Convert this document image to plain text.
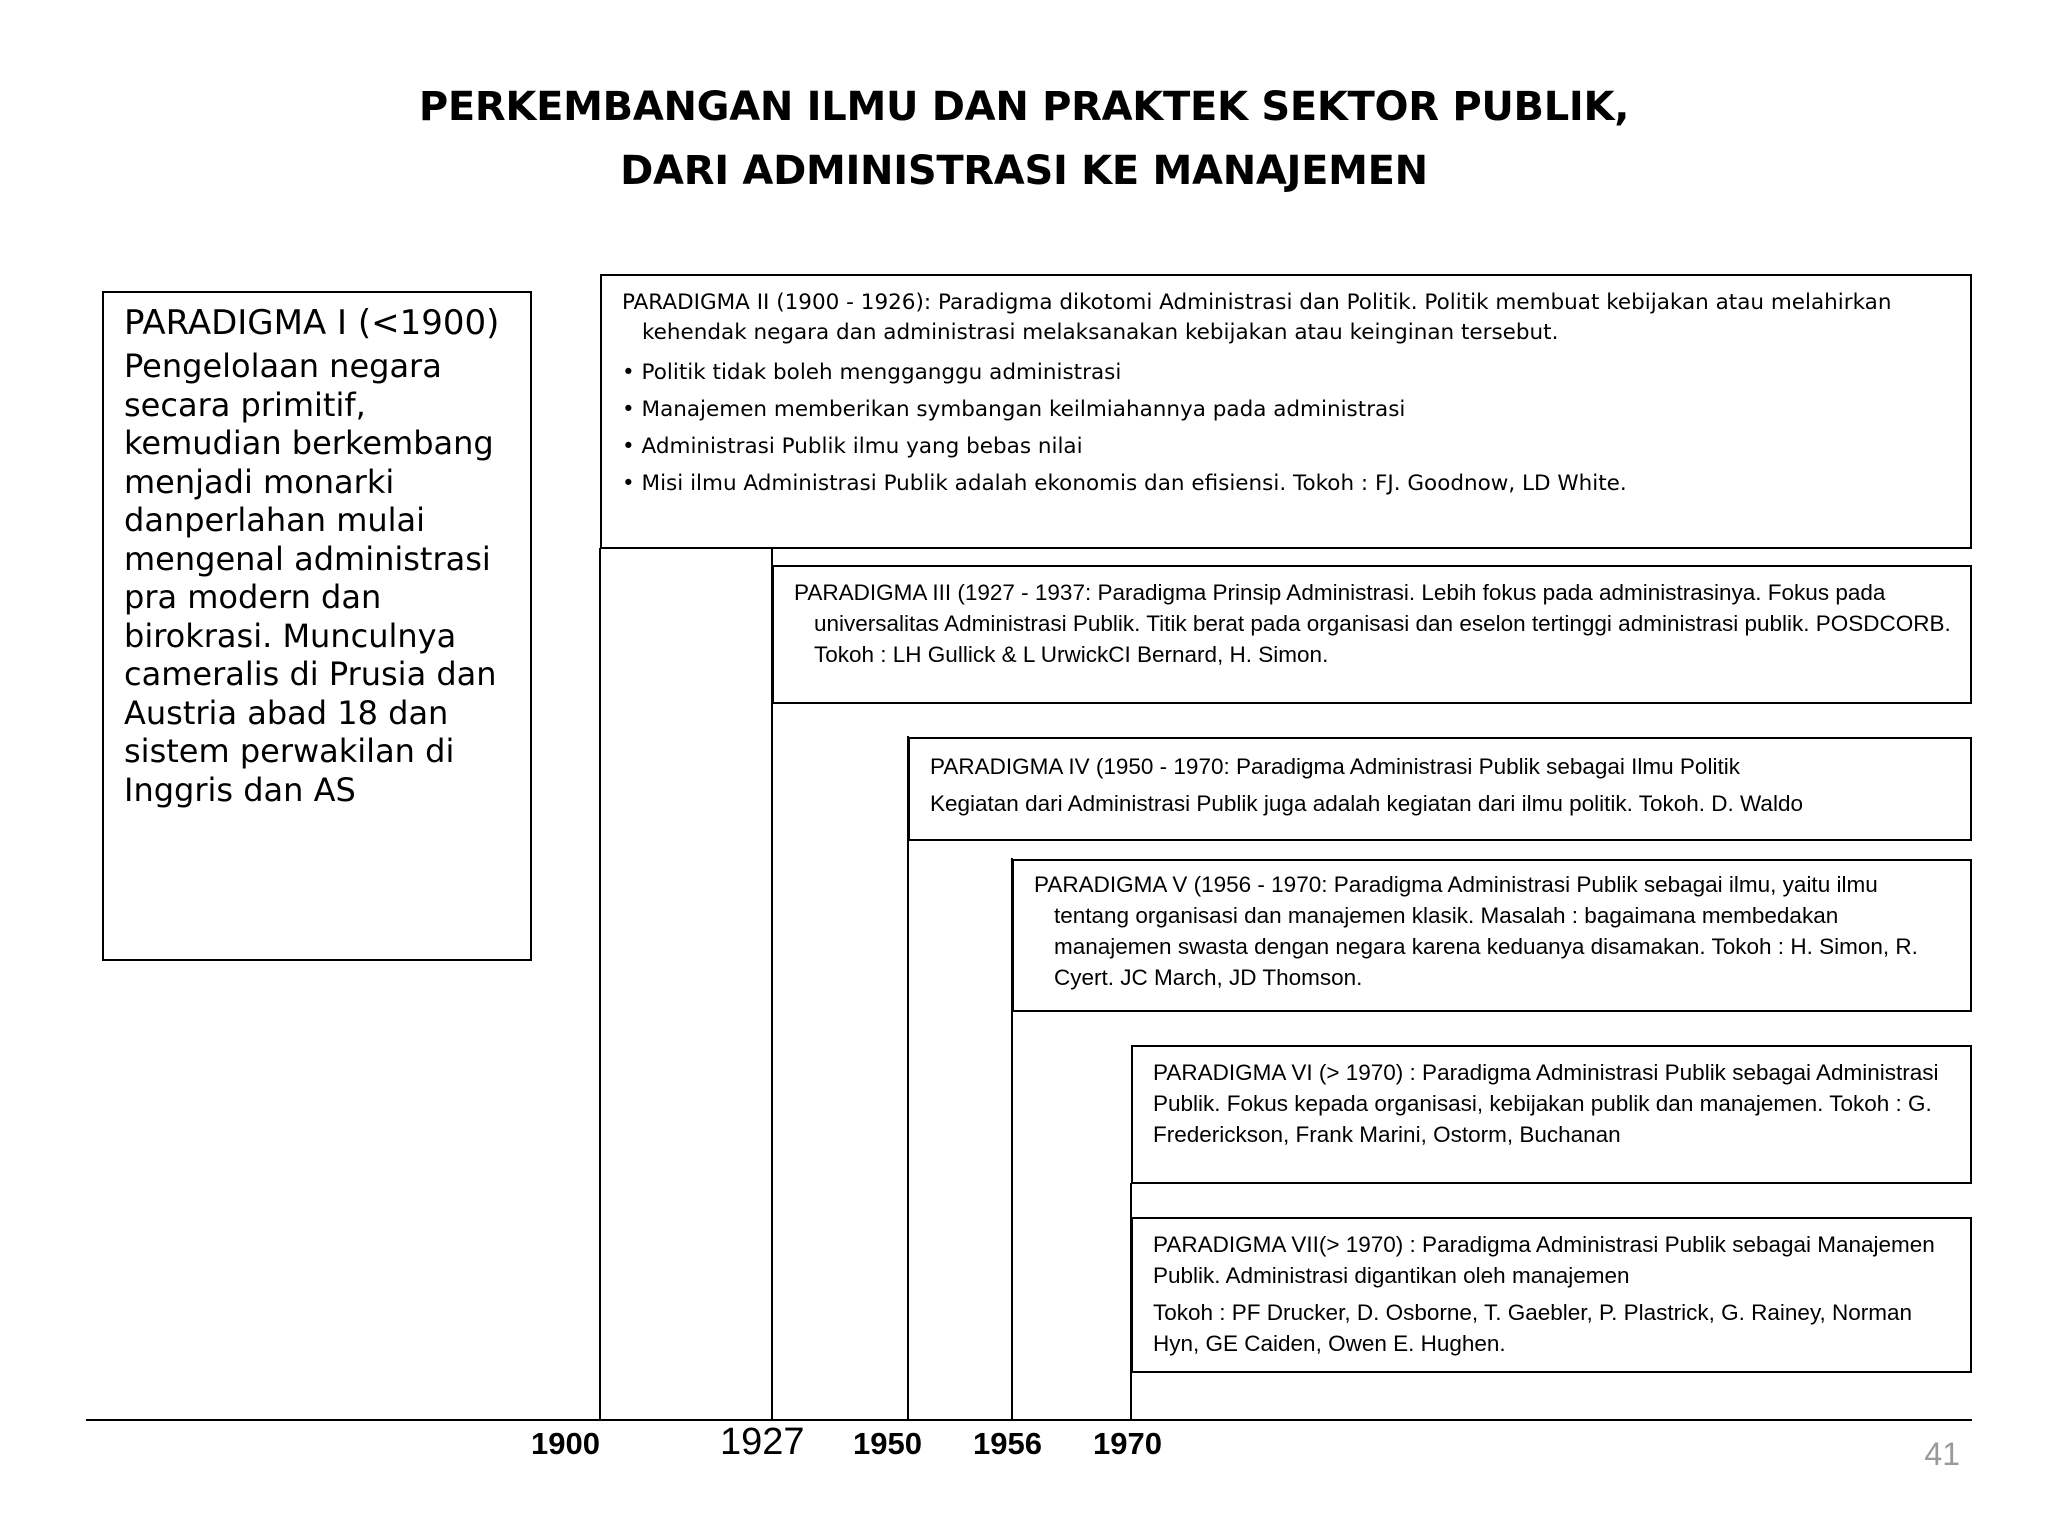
PERKEMBANGAN ILMU DAN PRAKTEK SEKTOR PUBLIK,
DARI ADMINISTRASI KE MANAJEMEN
PARADIGMA I (<1900)
Pengelolaan negara secara primitif, kemudian berkembang menjadi monarki danperlahan mulai mengenal administrasi pra modern dan birokrasi. Munculnya cameralis di Prusia dan Austria abad 18 dan sistem perwakilan di Inggris dan AS
PARADIGMA II (1900 - 1926): Paradigma dikotomi Administrasi dan Politik. Politik membuat kebijakan atau melahirkan kehendak negara dan administrasi melaksanakan kebijakan atau keinginan tersebut.
• Politik tidak boleh mengganggu administrasi
• Manajemen memberikan symbangan keilmiahannya pada administrasi
• Administrasi Publik ilmu yang bebas nilai
• Misi ilmu Administrasi Publik adalah ekonomis dan efisiensi. Tokoh : FJ. Goodnow, LD White.
PARADIGMA III (1927 - 1937: Paradigma Prinsip Administrasi. Lebih fokus pada administrasinya. Fokus pada universalitas Administrasi Publik. Titik berat pada organisasi dan eselon tertinggi administrasi publik. POSDCORB. Tokoh : LH Gullick & L UrwickCI Bernard, H. Simon.
PARADIGMA IV (1950 - 1970: Paradigma Administrasi Publik sebagai Ilmu Politik
Kegiatan dari Administrasi Publik juga adalah kegiatan dari ilmu politik. Tokoh. D. Waldo
PARADIGMA V (1956 - 1970: Paradigma Administrasi Publik sebagai ilmu, yaitu ilmu tentang organisasi dan manajemen klasik. Masalah : bagaimana membedakan manajemen swasta dengan negara karena keduanya disamakan. Tokoh : H. Simon, R. Cyert. JC March, JD Thomson.
PARADIGMA VI (> 1970) : Paradigma Administrasi Publik sebagai Administrasi Publik. Fokus kepada organisasi, kebijakan publik dan manajemen. Tokoh : G. Frederickson, Frank Marini, Ostorm, Buchanan
PARADIGMA VII(> 1970) : Paradigma Administrasi Publik sebagai Manajemen Publik. Administrasi digantikan oleh manajemen
Tokoh : PF Drucker, D. Osborne, T. Gaebler, P. Plastrick, G. Rainey, Norman Hyn, GE Caiden, Owen E. Hughen.
1900	1927 1950 1956 1970	41
